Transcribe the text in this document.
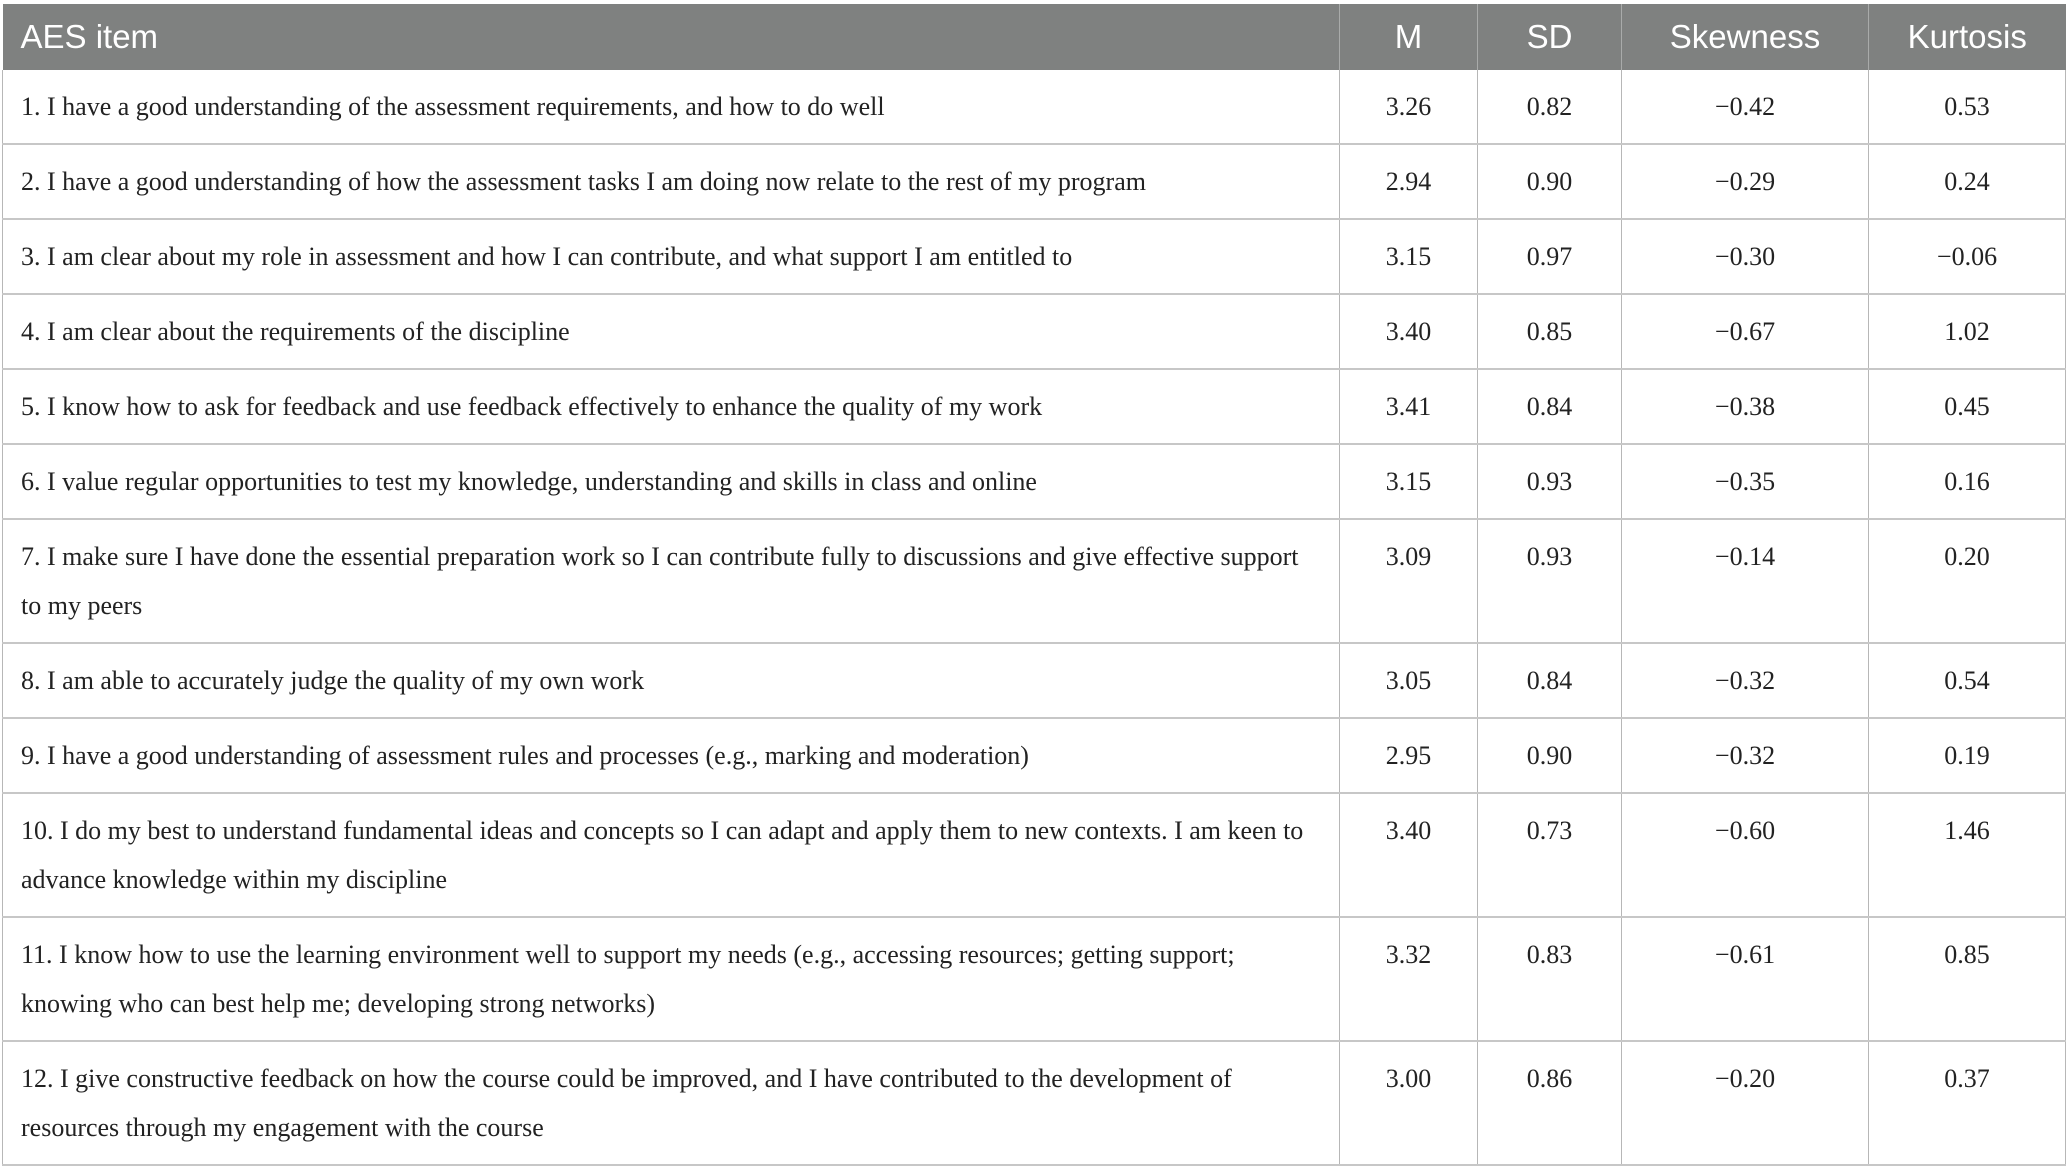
AES item	M	SD	Skewness	Kurtosis
1. I have a good understanding of the assessment requirements, and how to do well	3.26	0.82	−0.42	0.53
2. I have a good understanding of how the assessment tasks I am doing now relate to the rest of my program	2.94	0.90	−0.29	0.24
3. I am clear about my role in assessment and how I can contribute, and what support I am entitled to	3.15	0.97	−0.30	−0.06
4. I am clear about the requirements of the discipline	3.40	0.85	−0.67	1.02
5. I know how to ask for feedback and use feedback effectively to enhance the quality of my work	3.41	0.84	−0.38	0.45
6. I value regular opportunities to test my knowledge, understanding and skills in class and online	3.15	0.93	−0.35	0.16
7. I make sure I have done the essential preparation work so I can contribute fully to discussions and give effective support to my peers	3.09	0.93	−0.14	0.20
8. I am able to accurately judge the quality of my own work	3.05	0.84	−0.32	0.54
9. I have a good understanding of assessment rules and processes (e.g., marking and moderation)	2.95	0.90	−0.32	0.19
10. I do my best to understand fundamental ideas and concepts so I can adapt and apply them to new contexts. I am keen to advance knowledge within my discipline	3.40	0.73	−0.60	1.46
11. I know how to use the learning environment well to support my needs (e.g., accessing resources; getting support; knowing who can best help me; developing strong networks)	3.32	0.83	−0.61	0.85
12. I give constructive feedback on how the course could be improved, and I have contributed to the development of resources through my engagement with the course	3.00	0.86	−0.20	0.37
